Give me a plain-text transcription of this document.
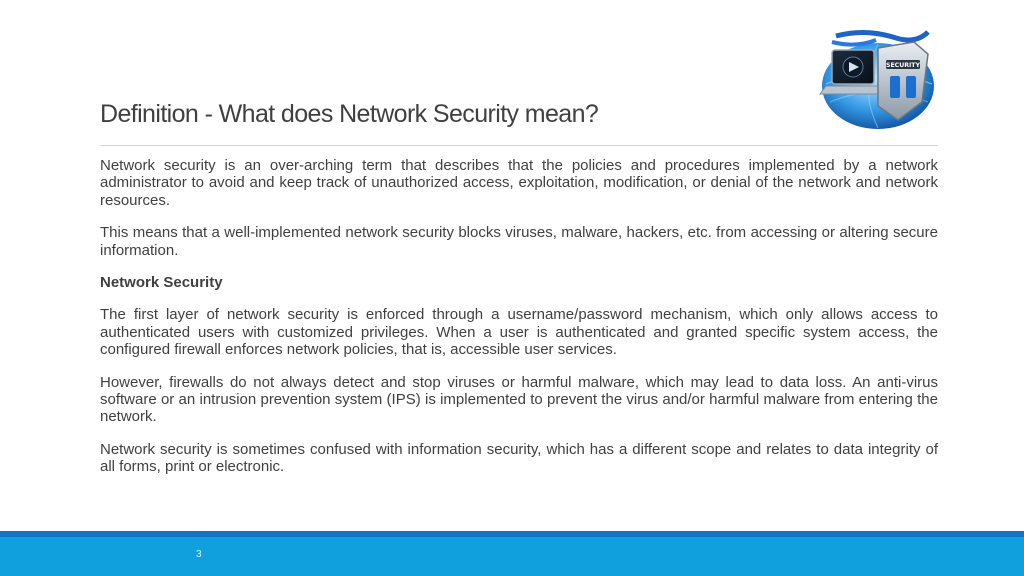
Definition - What does Network Security mean?
SECURITY

Network security is an over-arching term that describes that the policies and procedures implemented by a network administrator to avoid and keep track of unauthorized access, exploitation, modification, or denial of the network and network resources.

This means that a well-implemented network security blocks viruses, malware, hackers, etc. from accessing or altering secure information.

Network Security

The first layer of network security is enforced through a username/password mechanism, which only allows access to authenticated users with customized privileges. When a user is authenticated and granted specific system access, the configured firewall enforces network policies, that is, accessible user services.

However, firewalls do not always detect and stop viruses or harmful malware, which may lead to data loss. An anti-virus software or an intrusion prevention system (IPS) is implemented to prevent the virus and/or harmful malware from entering the network.

Network security is sometimes confused with information security, which has a different scope and relates to data integrity of all forms, print or electronic.

3
